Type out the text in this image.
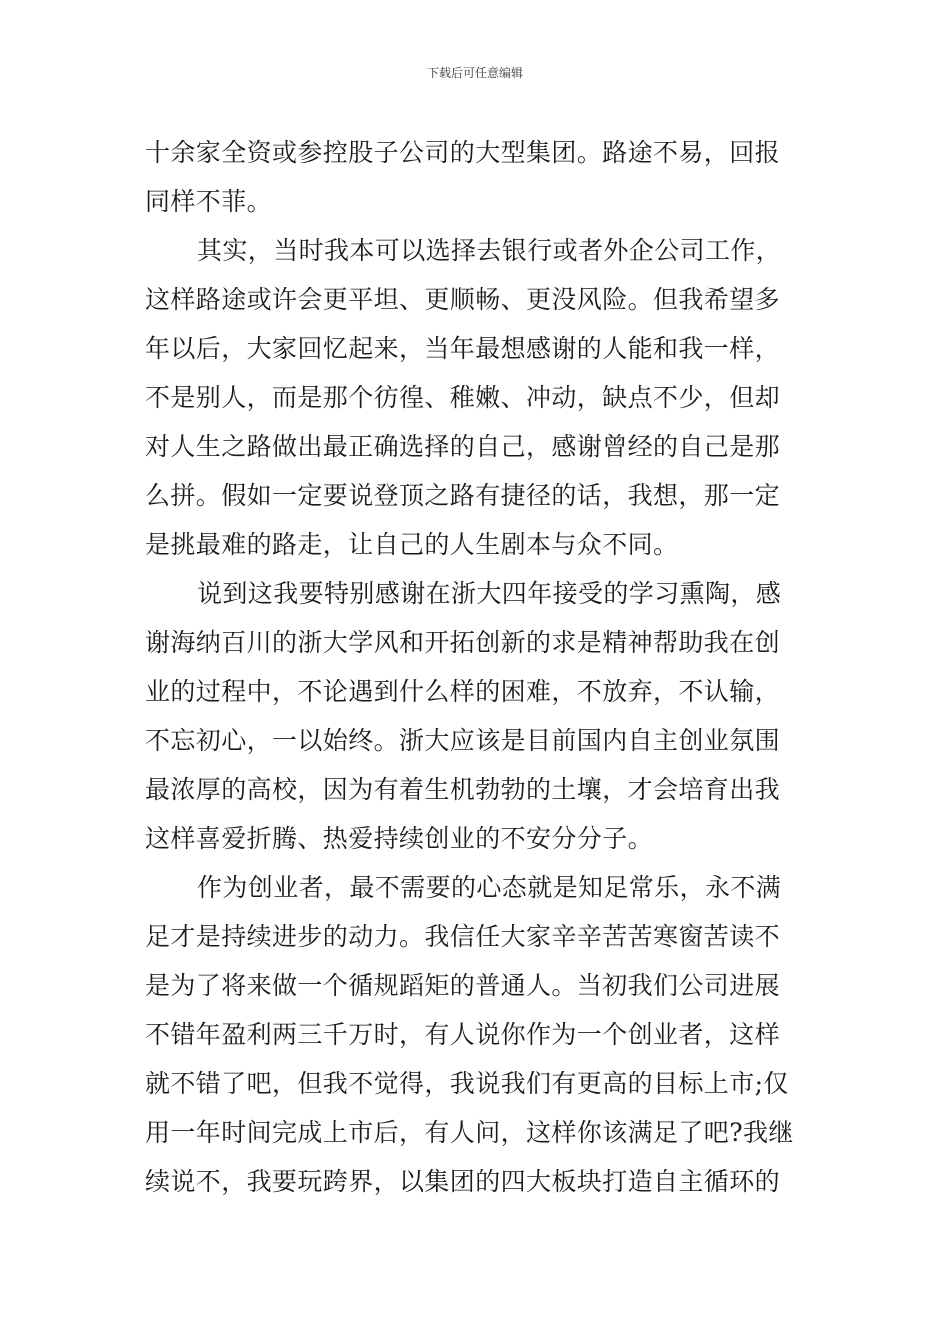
下载后可任意编辑
十余家全资或参控股子公司的大型集团。路途不易，回报
同样不菲。
其实，当时我本可以选择去银行或者外企公司工作，
这样路途或许会更平坦、更顺畅、更没风险。但我希望多
年以后，大家回忆起来，当年最想感谢的人能和我一样，
不是别人，而是那个彷徨、稚嫩、冲动，缺点不少，但却
对人生之路做出最正确选择的自己，感谢曾经的自己是那
么拼。假如一定要说登顶之路有捷径的话，我想，那一定
是挑最难的路走，让自己的人生剧本与众不同。
说到这我要特别感谢在浙大四年接受的学习熏陶，感
谢海纳百川的浙大学风和开拓创新的求是精神帮助我在创
业的过程中，不论遇到什么样的困难，不放弃，不认输，
不忘初心，一以始终。浙大应该是目前国内自主创业氛围
最浓厚的高校，因为有着生机勃勃的土壤，才会培育出我
这样喜爱折腾、热爱持续创业的不安分分子。
作为创业者，最不需要的心态就是知足常乐，永不满
足才是持续进步的动力。我信任大家辛辛苦苦寒窗苦读不
是为了将来做一个循规蹈矩的普通人。当初我们公司进展
不错年盈利两三千万时，有人说你作为一个创业者，这样
就不错了吧，但我不觉得，我说我们有更高的目标上市;仅
用一年时间完成上市后，有人问，这样你该满足了吧?我继
续说不，我要玩跨界，以集团的四大板块打造自主循环的
